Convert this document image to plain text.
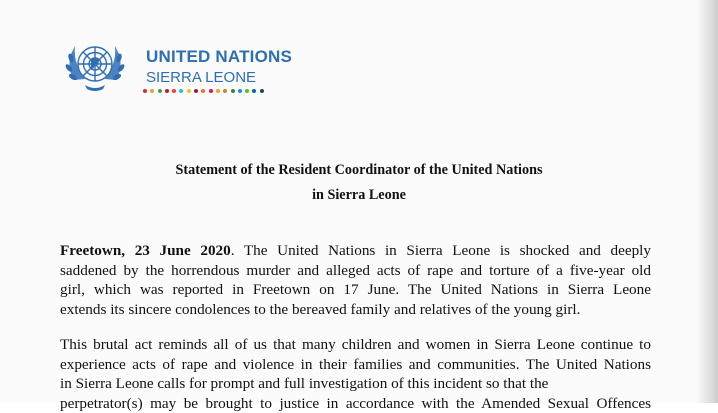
UNITED NATIONS
SIERRA LEONE
Statement of the Resident Coordinator of the United Nations
in Sierra Leone
Freetown, 23 June 2020. The United Nations in Sierra Leone is shocked and deeply
saddened by the horrendous murder and alleged acts of rape and torture of a five-year old
girl, which was reported in Freetown on 17 June. The United Nations in Sierra Leone
extends its sincere condolences to the bereaved family and relatives of the young girl.
This brutal act reminds all of us that many children and women in Sierra Leone continue to
experience acts of rape and violence in their families and communities. The United Nations
in Sierra Leone calls for prompt and full investigation of this incident so that the
perpetrator(s) may be brought to justice in accordance with the Amended Sexual Offences
